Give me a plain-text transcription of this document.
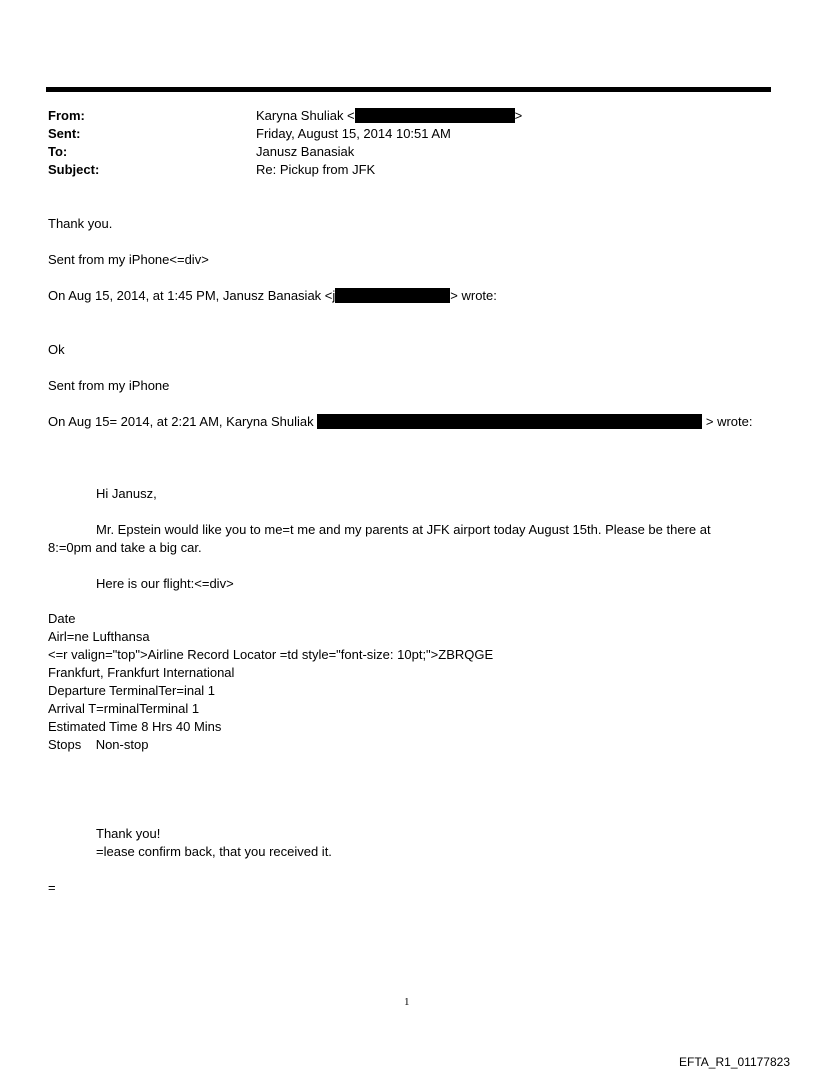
From:	Karyna Shuliak <	>
Sent:	Friday, August 15, 2014 10:51 AM
To:	Janusz Banasiak
Subject:	Re: Pickup from JFK
Thank you.
Sent from my iPhone<=div>
On Aug 15, 2014, at 1:45 PM, Janusz Banasiak <j	> wrote:
Ok
Sent from my iPhone
On Aug 15= 2014, at 2:21 AM, Karyna Shuliak	> wrote:
Hi Janusz,
Mr. Epstein would like you to me=t me and my parents at JFK airport today August 15th. Please be there at
8:=0pm and take a big car.
Here is our flight:<=div>
Date
Airl=ne Lufthansa
<=r valign="top">Airline Record Locator =td style="font-size: 10pt;">ZBRQGE
Frankfurt, Frankfurt International
Departure TerminalTer=inal 1
Arrival T=rminalTerminal 1
Estimated Time 8 Hrs 40 Mins
Stops    Non-stop
Thank you!
=lease confirm back, that you received it.
=
1
EFTA_R1_01177823
